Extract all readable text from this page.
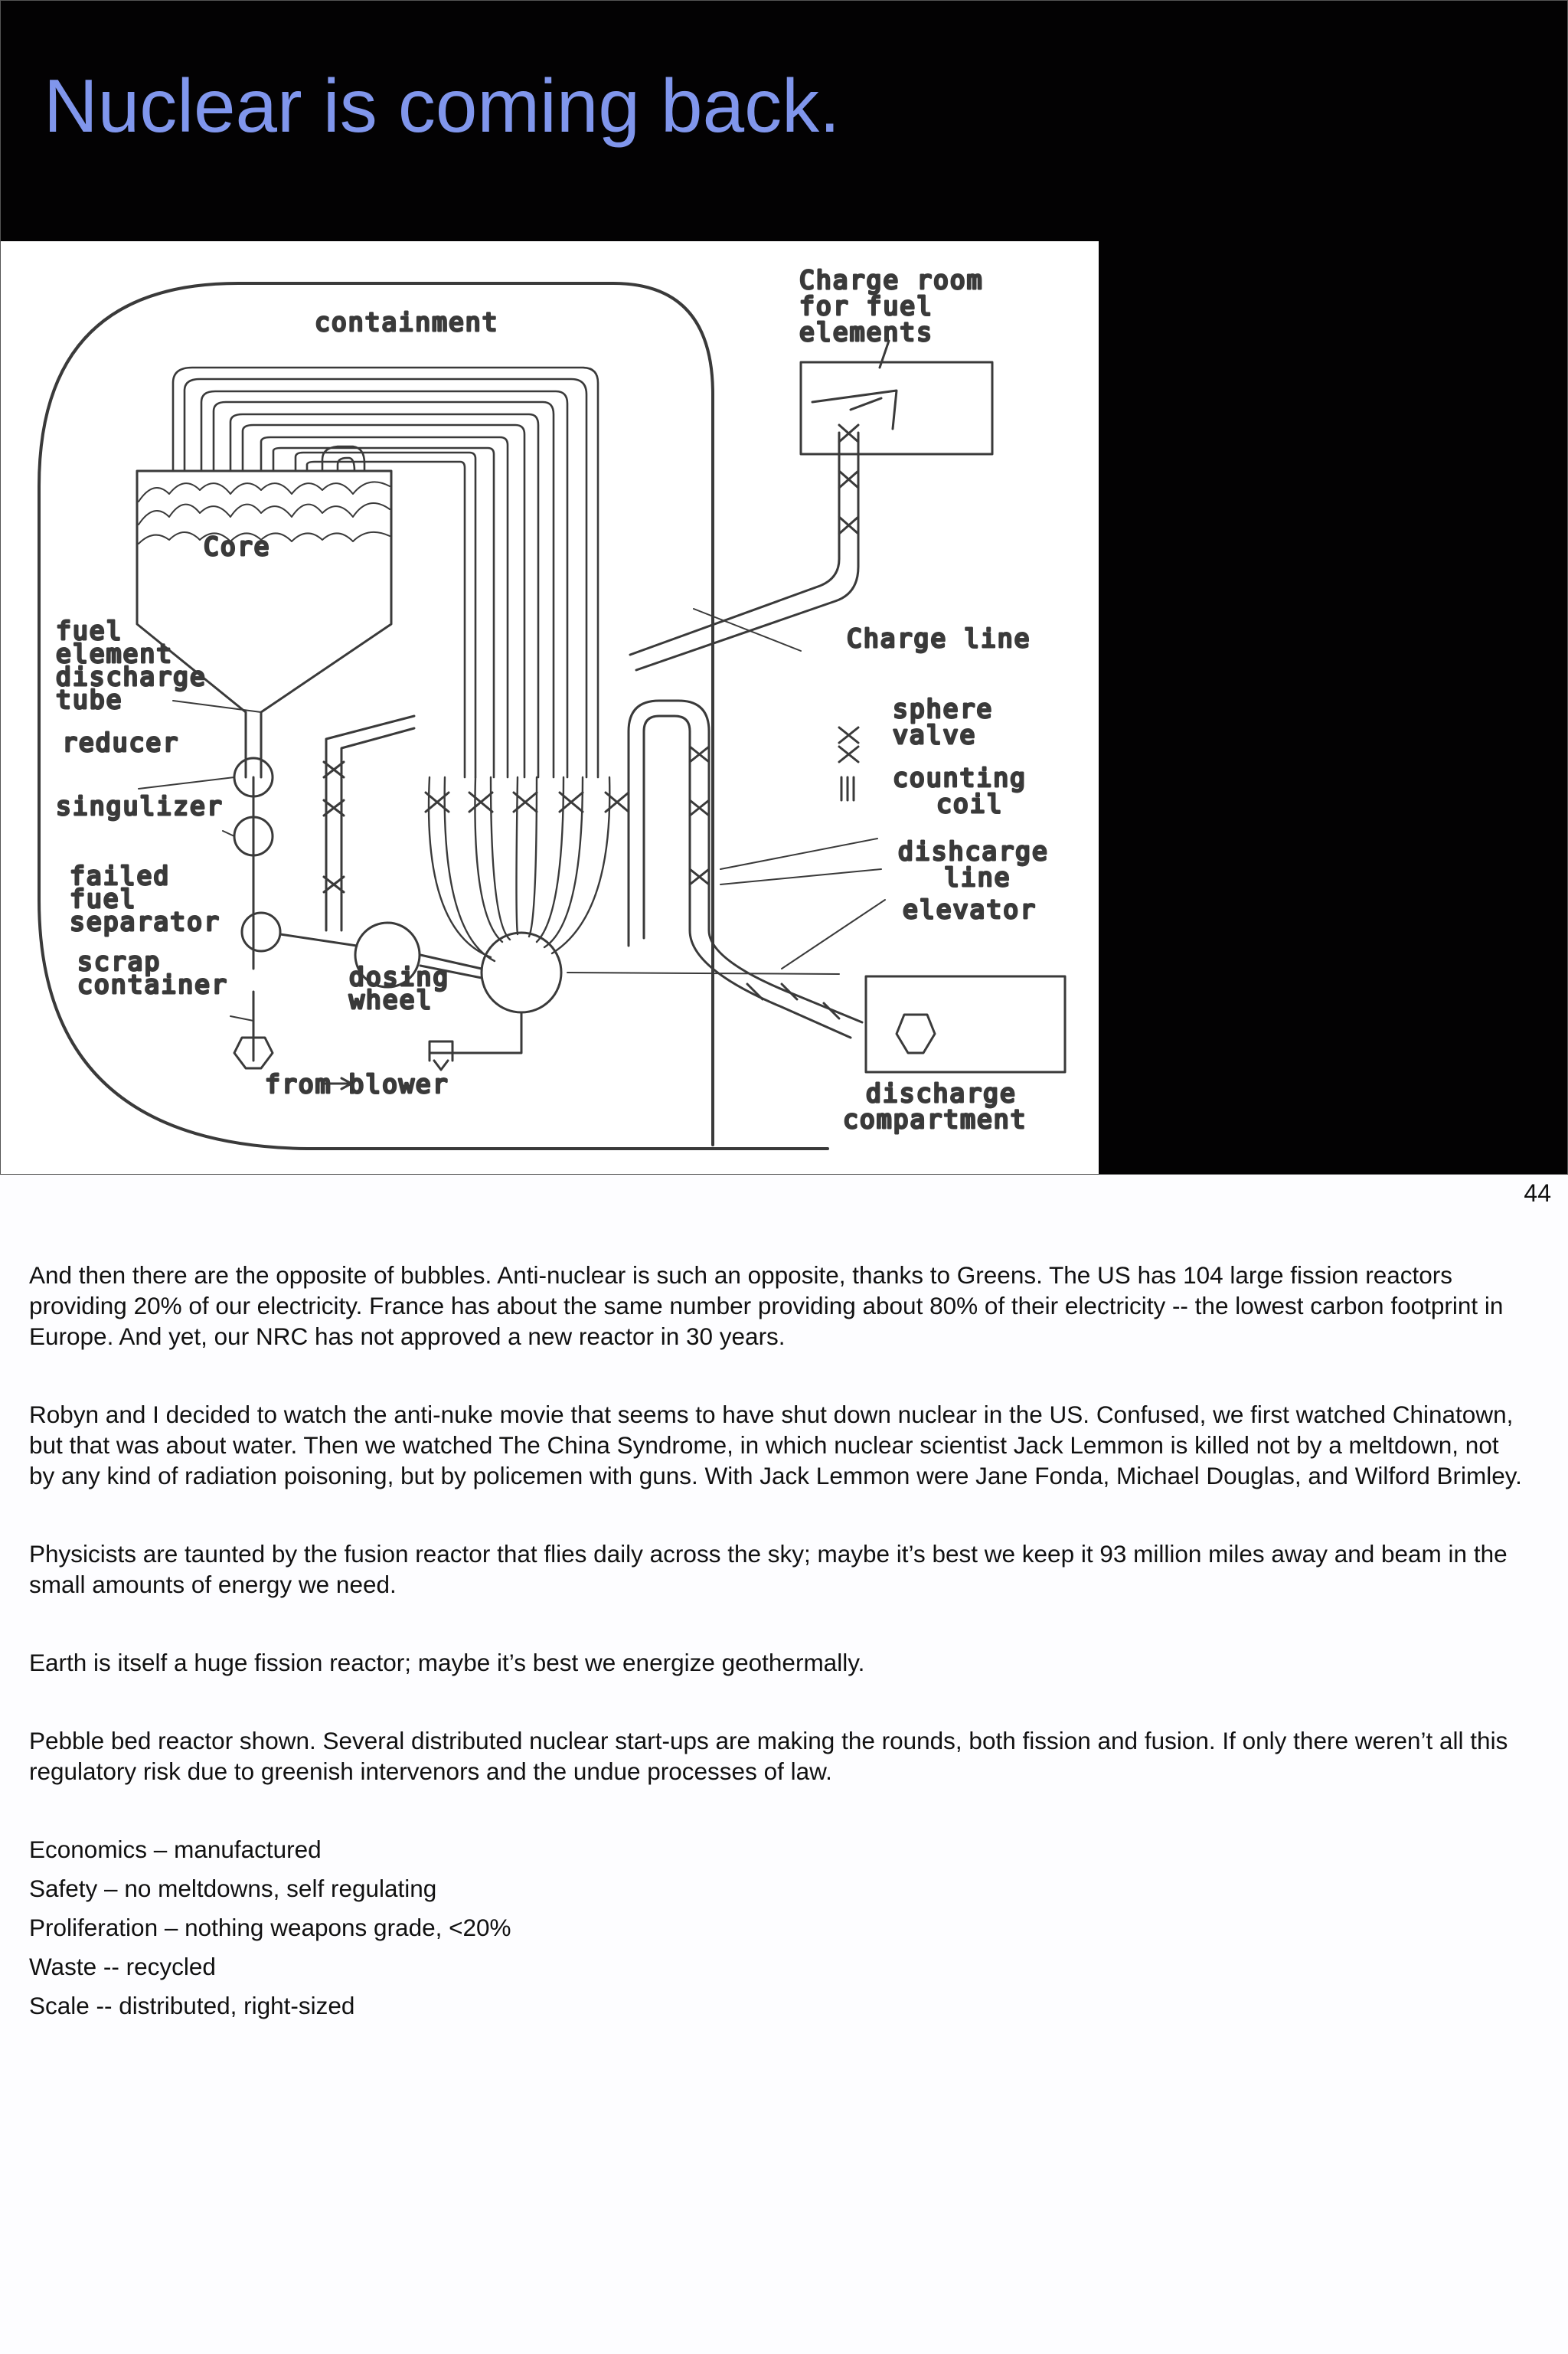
Nuclear is coming back.
containment
Charge room
for fuel
elements
Core
fuel
element
discharge
tube
Charge line
reducer
sphere
valve
singulizer
counting
coil
failed
fuel
separator
dishcarge
line
elevator
scrap
container	dosing
wheel
from blower	discharge
compartment
44

And then there are the opposite of bubbles. Anti-nuclear is such an opposite, thanks to Greens. The US has 104 large fission reactors providing 20% of our electricity. France has about the same number providing about 80% of their electricity -- the lowest carbon footprint in Europe. And yet, our NRC has not approved a new reactor in 30 years.

Robyn and I decided to watch the anti-nuke movie that seems to have shut down nuclear in the US. Confused, we first watched Chinatown, but that was about water. Then we watched The China Syndrome, in which nuclear scientist Jack Lemmon is killed not by a meltdown, not by any kind of radiation poisoning, but by policemen with guns. With Jack Lemmon were Jane Fonda, Michael Douglas, and Wilford Brimley.

Physicists are taunted by the fusion reactor that flies daily across the sky; maybe it’s best we keep it 93 million miles away and beam in the small amounts of energy we need.

Earth is itself a huge fission reactor; maybe it’s best we energize geothermally.

Pebble bed reactor shown. Several distributed nuclear start-ups are making the rounds, both fission and fusion. If only there weren’t all this regulatory risk due to greenish intervenors and the undue processes of law.

Economics – manufactured
Safety – no meltdowns, self regulating
Proliferation – nothing weapons grade, <20%
Waste -- recycled
Scale -- distributed, right-sized
